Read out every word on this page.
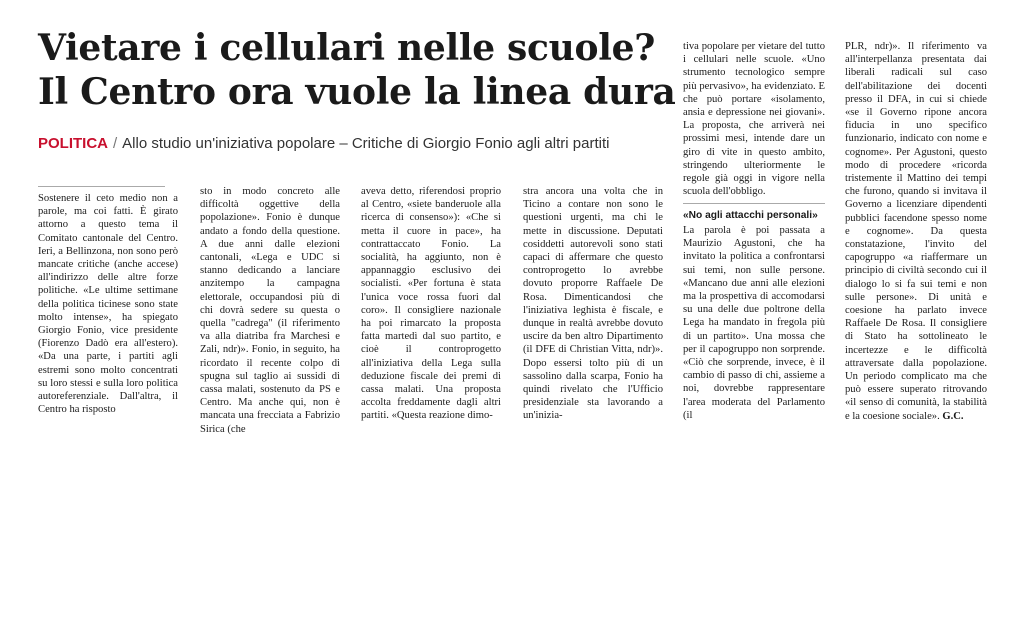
Vietare i cellulari nelle scuole?
Il Centro ora vuole la linea dura
POLITICA / Allo studio un'iniziativa popolare – Critiche di Giorgio Fonio agli altri partiti

Sostenere il ceto medio non a parole, ma coi fatti. È girato attorno a questo tema il Comitato cantonale del Centro. Ieri, a Bellinzona, non sono però mancate critiche (anche accese) all'indirizzo delle altre forze politiche. «Le ultime settimane della politica ticinese sono state molto intense», ha spiegato Giorgio Fonio, vice presidente (Fiorenzo Dadò era all'estero). «Da una parte, i partiti agli estremi sono molto concentrati su loro stessi e sulla loro politica autoreferenziale. Dall'altra, il Centro ha risposto

sto in modo concreto alle difficoltà oggettive della popolazione». Fonio è dunque andato a fondo della questione. A due anni dalle elezioni cantonali, «Lega e UDC si stanno dedicando a lanciare anzitempo la campagna elettorale, occupandosi più di chi dovrà sedere su questa o quella "cadrega" (il riferimento va alla diatriba fra Marchesi e Zali, ndr)». Fonio, in seguito, ha ricordato il recente colpo di spugna sul taglio ai sussidi di cassa malati, sostenuto da PS e Centro. Ma anche qui, non è mancata una frecciata a Fabrizio Sirica (che

aveva detto, riferendosi proprio al Centro, «siete banderuole alla ricerca di consenso»): «Che si metta il cuore in pace», ha contrattaccato Fonio. La socialità, ha aggiunto, non è appannaggio esclusivo dei socialisti. «Per fortuna è stata l'unica voce rossa fuori dal coro». Il consigliere nazionale ha poi rimarcato la proposta fatta martedì dal suo partito, e cioè il controprogetto all'iniziativa della Lega sulla deduzione fiscale dei premi di cassa malati. Una proposta accolta freddamente dagli altri partiti. «Questa reazione dimo-

stra ancora una volta che in Ticino a contare non sono le questioni urgenti, ma chi le mette in discussione. Deputati cosiddetti autorevoli sono stati capaci di affermare che questo controprogetto lo avrebbe dovuto proporre Raffaele De Rosa. Dimenticandosi che l'iniziativa leghista è fiscale, e dunque in realtà avrebbe dovuto uscire da ben altro Dipartimento (il DFE di Christian Vitta, ndr)». Dopo essersi tolto più di un sassolino dalla scarpa, Fonio ha quindi rivelato che l'Ufficio presidenziale sta lavorando a un'inizia-

tiva popolare per vietare del tutto i cellulari nelle scuole. «Uno strumento tecnologico sempre più pervasivo», ha evidenziato. E che può portare «isolamento, ansia e depressione nei giovani». La proposta, che arriverà nei prossimi mesi, intende dare un giro di vite in questo ambito, stringendo ulteriormente le regole già oggi in vigore nella scuola dell'obbligo.

«No agli attacchi personali»

La parola è poi passata a Maurizio Agustoni, che ha invitato la politica a confrontarsi sui temi, non sulle persone. «Mancano due anni alle elezioni ma la prospettiva di accomodarsi su una delle due poltrone della Lega ha mandato in fregola più di un partito». Una mossa che per il capogruppo non sorprende. «Ciò che sorprende, invece, è il cambio di passo di chi, assieme a noi, dovrebbe rappresentare l'area moderata del Parlamento (il

PLR, ndr)». Il riferimento va all'interpellanza presentata dai liberali radicali sul caso dell'abilitazione dei docenti presso il DFA, in cui si chiede «se il Governo ripone ancora fiducia in uno specifico funzionario, indicato con nome e cognome». Per Agustoni, questo modo di procedere «ricorda tristemente il Mattino dei tempi che furono, quando si invitava il Governo a licenziare dipendenti pubblici facendone spesso nome e cognome». Da questa constatazione, l'invito del capogruppo «a riaffermare un principio di civiltà secondo cui il dialogo lo si fa sui temi e non sulle persone». Di unità e coesione ha parlato invece Raffaele De Rosa. Il consigliere di Stato ha sottolineato le incertezze e le difficoltà attraversate dalla popolazione. Un periodo complicato ma che può essere superato ritrovando «il senso di comunità, la stabilità e la coesione sociale». G.C.
